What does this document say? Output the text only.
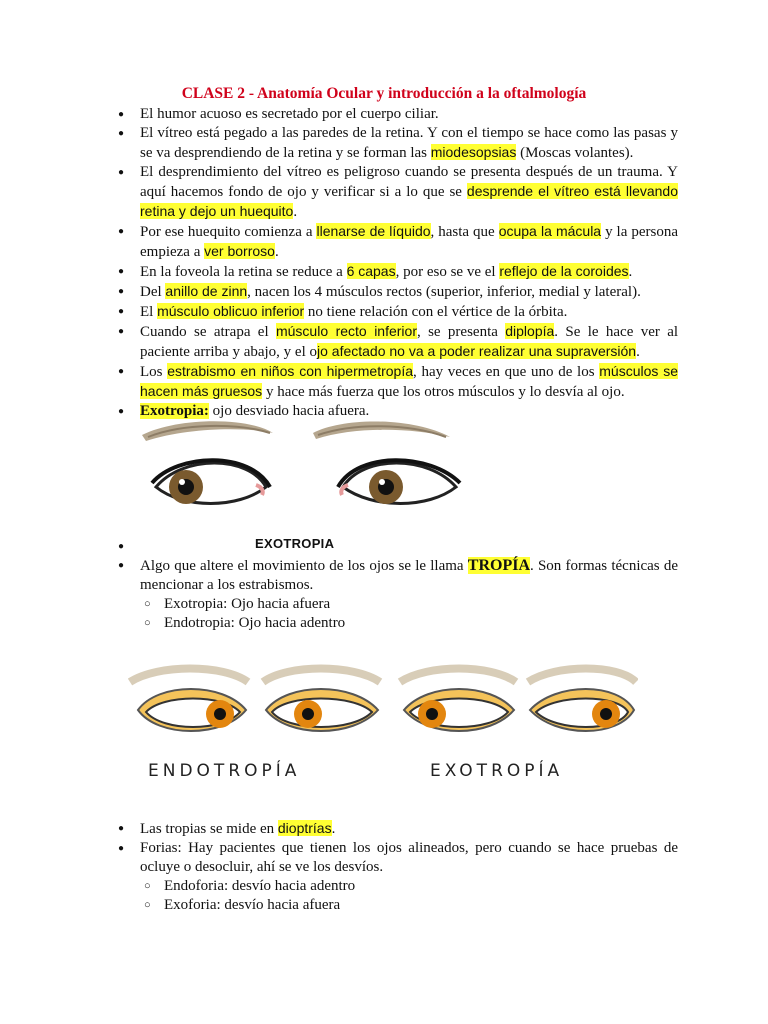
CLASE 2 - Anatomía Ocular y introducción a la oftalmología
● El humor acuoso es secretado por el cuerpo ciliar.
● El vítreo está pegado a las paredes de la retina. Y con el tiempo se hace como las pasas y se va desprendiendo de la retina y se forman las miodesopsias (Moscas volantes).
● El desprendimiento del vítreo es peligroso cuando se presenta después de un trauma. Y aquí hacemos fondo de ojo y verificar si a lo que se desprende el vítreo está llevando retina y dejo un huequito.
● Por ese huequito comienza a llenarse de líquido, hasta que ocupa la mácula y la persona empieza a ver borroso.
● En la foveola la retina se reduce a 6 capas, por eso se ve el reflejo de la coroides.
● Del anillo de zinn, nacen los 4 músculos rectos (superior, inferior, medial y lateral).
● El músculo oblicuo inferior no tiene relación con el vértice de la órbita.
● Cuando se atrapa el músculo recto inferior, se presenta diplopía. Se le hace ver al paciente arriba y abajo, y el ojo afectado no va a poder realizar una supraversión.
● Los estrabismo en niños con hipermetropía, hay veces en que uno de los músculos se hacen más gruesos y hace más fuerza que los otros músculos y lo desvía al ojo.
● Exotropia: ojo desviado hacia afuera.
EXOTROPIA
●
● Algo que altere el movimiento de los ojos se le llama TROPÍA. Son formas técnicas de mencionar a los estrabismos.
○ Exotropia: Ojo hacia afuera
○ Endotropia: Ojo hacia adentro
ENDOTROPÍA	EXOTROPÍA
● Las tropias se mide en dioptrías.
● Forias: Hay pacientes que tienen los ojos alineados, pero cuando se hace pruebas de ocluye o desocluir, ahí se ve los desvíos.
○ Endoforia: desvío hacia adentro
○ Exoforia: desvío hacia afuera
